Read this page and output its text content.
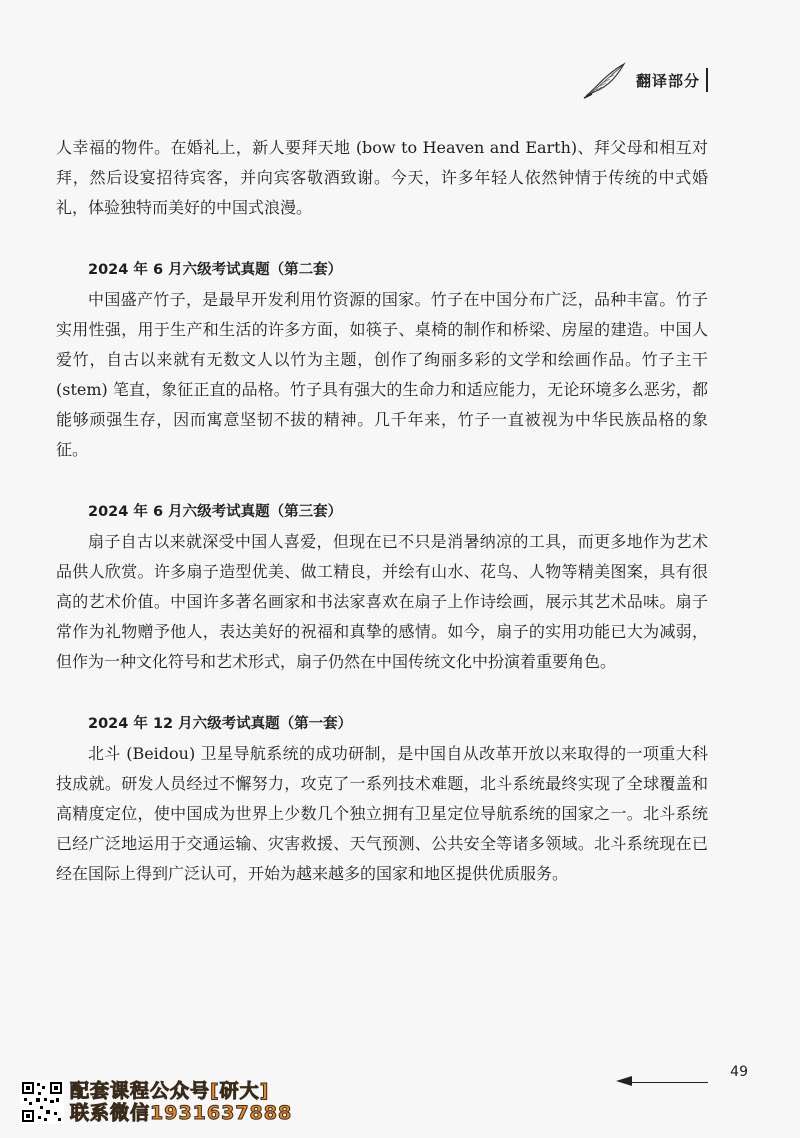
翻译部分

人幸福的物件。在婚礼上，新人要拜天地 (bow to Heaven and Earth)、拜父母和相互对拜，然后设宴招待宾客，并向宾客敬酒致谢。今天，许多年轻人依然钟情于传统的中式婚礼，体验独特而美好的中国式浪漫。

2024 年 6 月六级考试真题（第二套）

中国盛产竹子，是最早开发利用竹资源的国家。竹子在中国分布广泛，品种丰富。竹子实用性强，用于生产和生活的许多方面，如筷子、桌椅的制作和桥梁、房屋的建造。中国人爱竹，自古以来就有无数文人以竹为主题，创作了绚丽多彩的文学和绘画作品。竹子主干 (stem) 笔直，象征正直的品格。竹子具有强大的生命力和适应能力，无论环境多么恶劣，都能够顽强生存，因而寓意坚韧不拔的精神。几千年来，竹子一直被视为中华民族品格的象征。

2024 年 6 月六级考试真题（第三套）

扇子自古以来就深受中国人喜爱，但现在已不只是消暑纳凉的工具，而更多地作为艺术品供人欣赏。许多扇子造型优美、做工精良，并绘有山水、花鸟、人物等精美图案，具有很高的艺术价值。中国许多著名画家和书法家喜欢在扇子上作诗绘画，展示其艺术品味。扇子常作为礼物赠予他人，表达美好的祝福和真挚的感情。如今，扇子的实用功能已大为减弱，但作为一种文化符号和艺术形式，扇子仍然在中国传统文化中扮演着重要角色。

2024 年 12 月六级考试真题（第一套）

北斗 (Beidou) 卫星导航系统的成功研制，是中国自从改革开放以来取得的一项重大科技成就。研发人员经过不懈努力，攻克了一系列技术难题，北斗系统最终实现了全球覆盖和高精度定位，使中国成为世界上少数几个独立拥有卫星定位导航系统的国家之一。北斗系统已经广泛地运用于交通运输、灾害救援、天气预测、公共安全等诸多领域。北斗系统现在已经在国际上得到广泛认可，开始为越来越多的国家和地区提供优质服务。

49
配套课程公众号[研大]
联系微信1931637888
